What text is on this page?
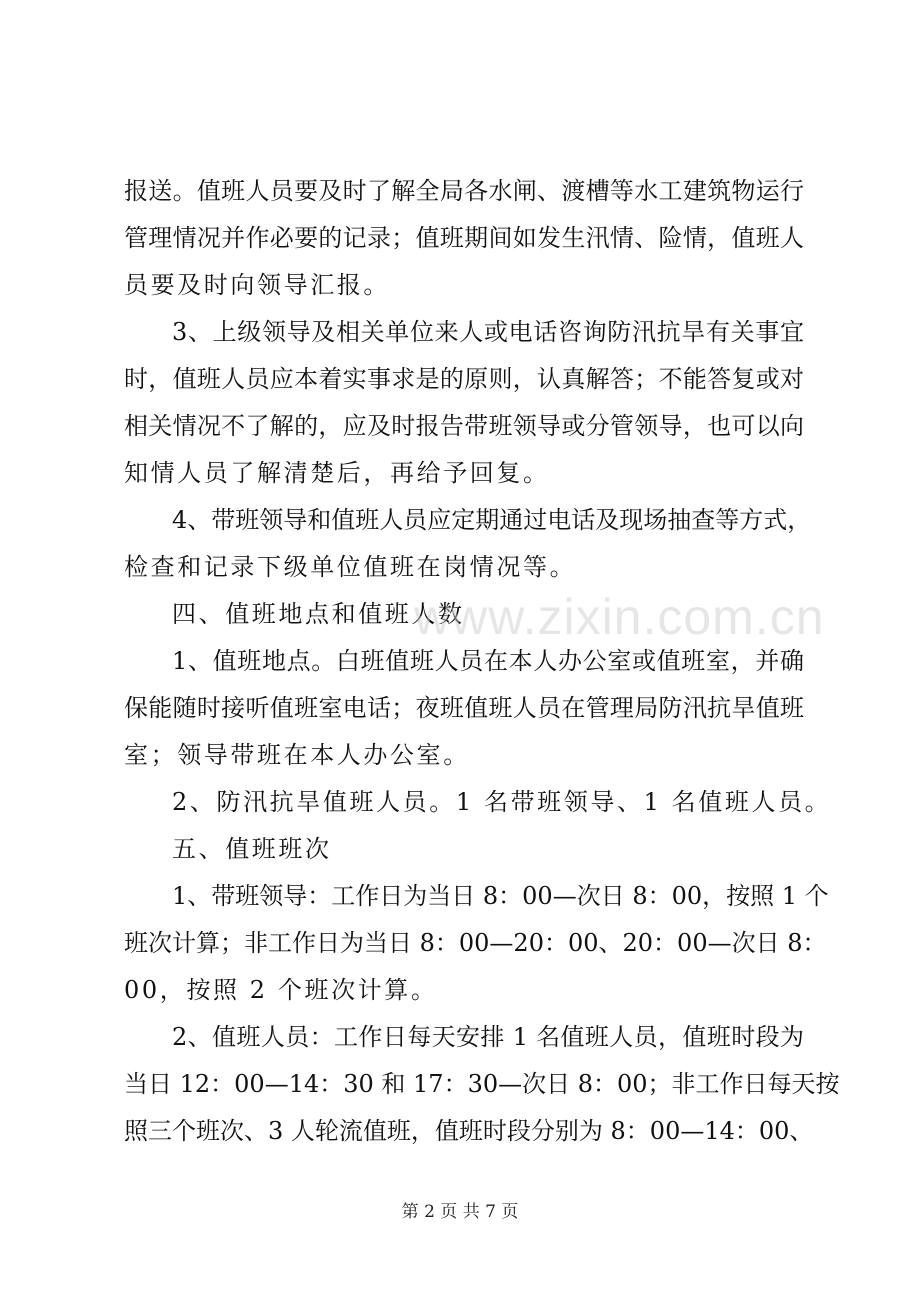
报送。值班人员要及时了解全局各水闸、渡槽等水工建筑物运行
管理情况并作必要的记录；值班期间如发生汛情、险情，值班人
员要及时向领导汇报。
3、上级领导及相关单位来人或电话咨询防汛抗旱有关事宜
时，值班人员应本着实事求是的原则，认真解答；不能答复或对
相关情况不了解的，应及时报告带班领导或分管领导，也可以向
知情人员了解清楚后，再给予回复。
4、带班领导和值班人员应定期通过电话及现场抽查等方式，
检查和记录下级单位值班在岗情况等。
四、值班地点和值班人数
1、值班地点。白班值班人员在本人办公室或值班室，并确
保能随时接听值班室电话；夜班值班人员在管理局防汛抗旱值班
室；领导带班在本人办公室。
2、防汛抗旱值班人员。1 名带班领导、1 名值班人员。
五、值班班次
1、带班领导：工作日为当日 8：00—次日 8：00，按照 1 个
班次计算；非工作日为当日 8：00—20：00、20：00—次日 8：
00，按照 2 个班次计算。
2、值班人员：工作日每天安排 1 名值班人员，值班时段为
当日 12：00—14：30 和 17：30—次日 8：00；非工作日每天按
照三个班次、3 人轮流值班，值班时段分别为 8：00—14：00、
www.zixin.com.cn
第 2 页 共 7 页
